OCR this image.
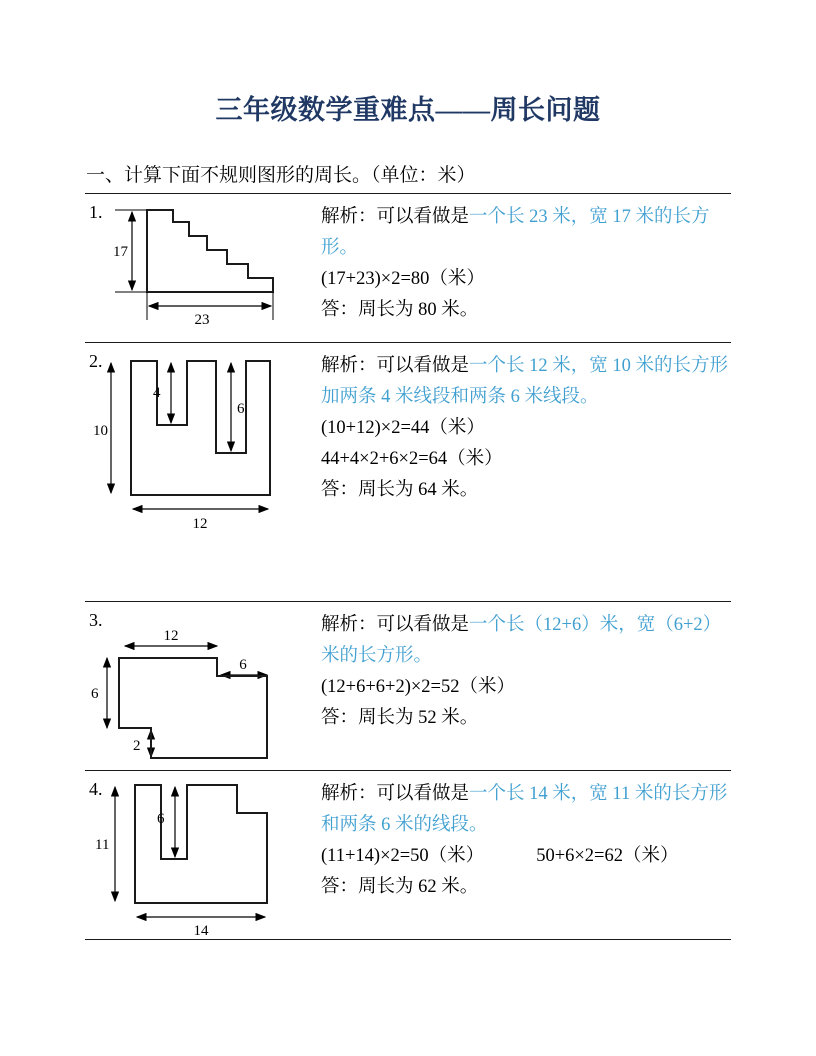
三年级数学重难点——周长问题
一、计算下面不规则图形的周长。（单位：米）
1.
17
23
解析：可以看做是一个长 23 米，宽 17 米的长方形。
(17+23)×2=80（米）
答：周长为 80 米。
2.
10
4
6
12
解析：可以看做是一个长 12 米，宽 10 米的长方形加两条 4 米线段和两条 6 米线段。
(10+12)×2=44（米）
44+4×2+6×2=64（米）
答：周长为 64 米。
3.
12
6
6
2
解析：可以看做是一个长（12+6）米，宽（6+2）米的长方形。
(12+6+6+2)×2=52（米）
答：周长为 52 米。
4.
11
6
14
解析：可以看做是一个长 14 米，宽 11 米的长方形和两条 6 米的线段。
(11+14)×2=50（米）	50+6×2=62（米）
答：周长为 62 米。
